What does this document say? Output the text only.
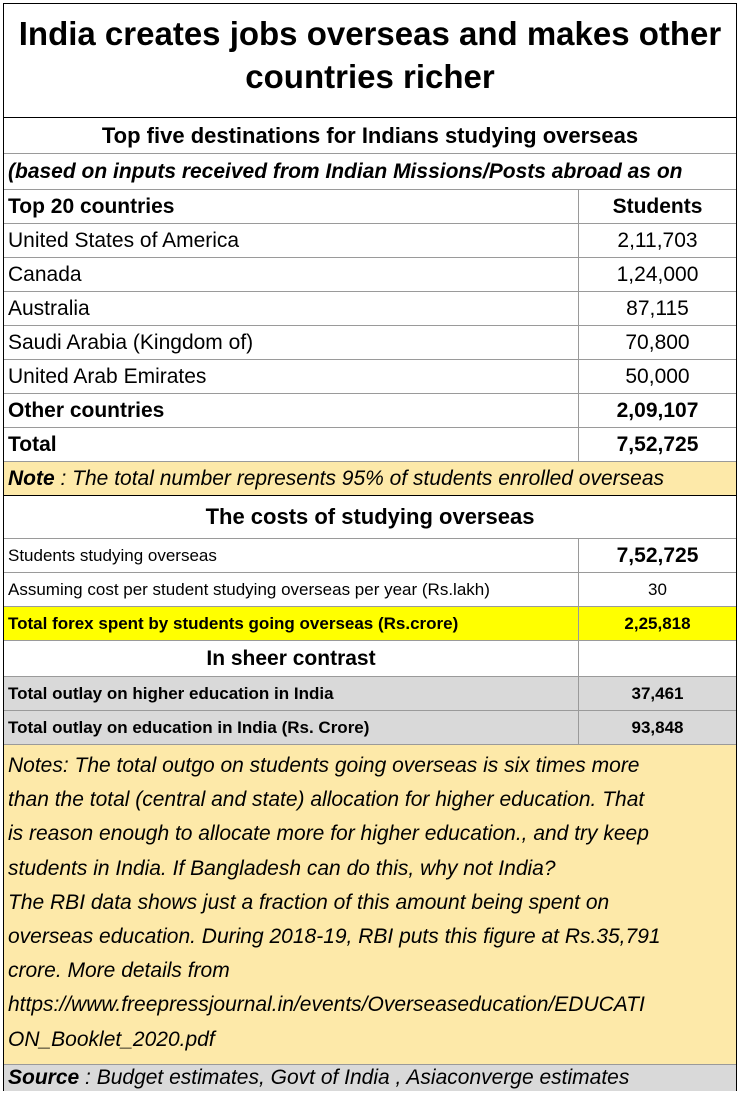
India creates jobs overseas and makes other
countries richer
Top five destinations for Indians studying overseas
(based on inputs received from Indian Missions/Posts abroad as on
Top 20 countries	Students
United States of America	2,11,703
Canada	1,24,000
Australia	87,115
Saudi Arabia (Kingdom of)	70,800
United Arab Emirates	50,000
Other countries	2,09,107
Total	7,52,725
Note : The total number represents 95% of students enrolled overseas
The costs of studying overseas
Students studying overseas	7,52,725
Assuming cost per student studying overseas per year (Rs.lakh)	30
Total forex spent by students going overseas (Rs.crore)	2,25,818
In sheer contrast
Total outlay on higher education in India	37,461
Total outlay on education in India (Rs. Crore)	93,848
Notes: The total outgo on students going overseas is six times more
than the total (central and state) allocation for higher education. That
is reason enough to allocate more for higher education., and try keep
students in India. If Bangladesh can do this, why not India?
The RBI data shows just a fraction of this amount being spent on
overseas education. During 2018-19, RBI puts this figure at Rs.35,791
crore. More details from
https://www.freepressjournal.in/events/Overseaseducation/EDUCATI
ON_Booklet_2020.pdf
Source : Budget estimates, Govt of India , Asiaconverge estimates
